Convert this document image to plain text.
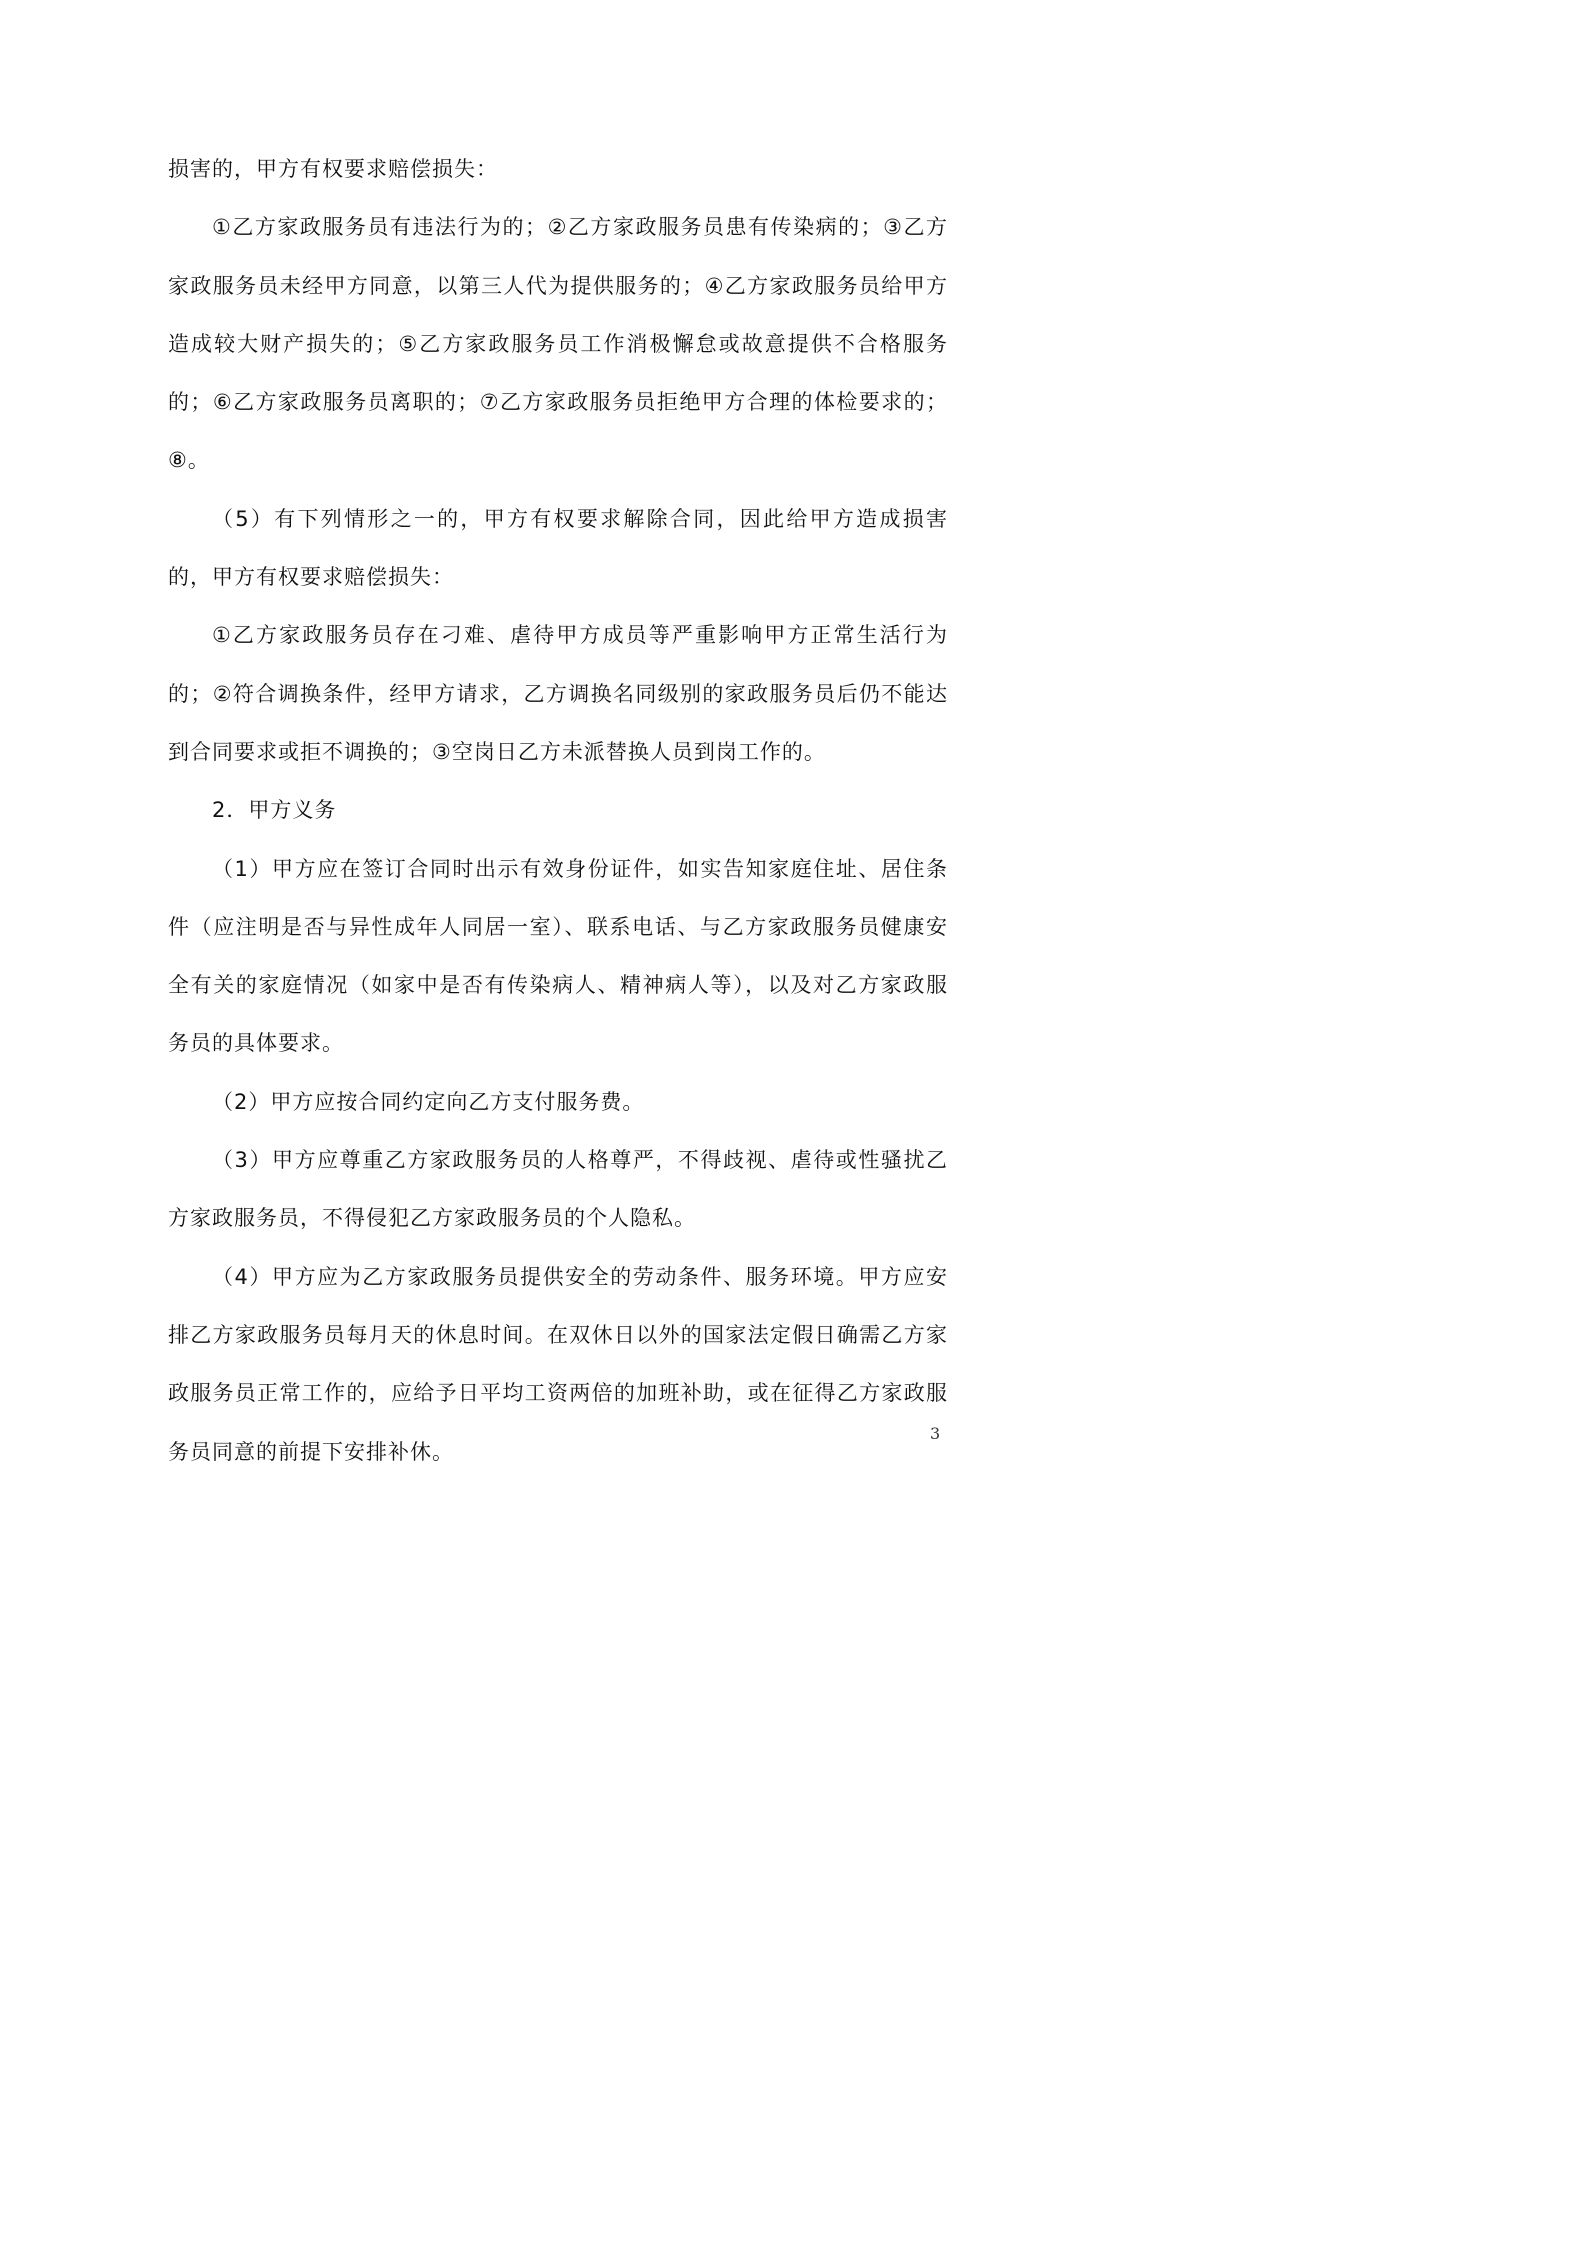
损害的，甲方有权要求赔偿损失：

①乙方家政服务员有违法行为的；②乙方家政服务员患有传染病的；③乙方家政服务员未经甲方同意，以第三人代为提供服务的；④乙方家政服务员给甲方造成较大财产损失的；⑤乙方家政服务员工作消极懈怠或故意提供不合格服务的；⑥乙方家政服务员离职的；⑦乙方家政服务员拒绝甲方合理的体检要求的；⑧。

（5）有下列情形之一的，甲方有权要求解除合同，因此给甲方造成损害的，甲方有权要求赔偿损失：

①乙方家政服务员存在刁难、虐待甲方成员等严重影响甲方正常生活行为的；②符合调换条件，经甲方请求，乙方调换名同级别的家政服务员后仍不能达到合同要求或拒不调换的；③空岗日乙方未派替换人员到岗工作的。

2．甲方义务

（1）甲方应在签订合同时出示有效身份证件，如实告知家庭住址、居住条件（应注明是否与异性成年人同居一室）、联系电话、与乙方家政服务员健康安全有关的家庭情况（如家中是否有传染病人、精神病人等），以及对乙方家政服务员的具体要求。

（2）甲方应按合同约定向乙方支付服务费。

（3）甲方应尊重乙方家政服务员的人格尊严，不得歧视、虐待或性骚扰乙方家政服务员，不得侵犯乙方家政服务员的个人隐私。

（4）甲方应为乙方家政服务员提供安全的劳动条件、服务环境。甲方应安排乙方家政服务员每月天的休息时间。在双休日以外的国家法定假日确需乙方家政服务员正常工作的，应给予日平均工资两倍的加班补助，或在征得乙方家政服务员同意的前提下安排补休。

3
